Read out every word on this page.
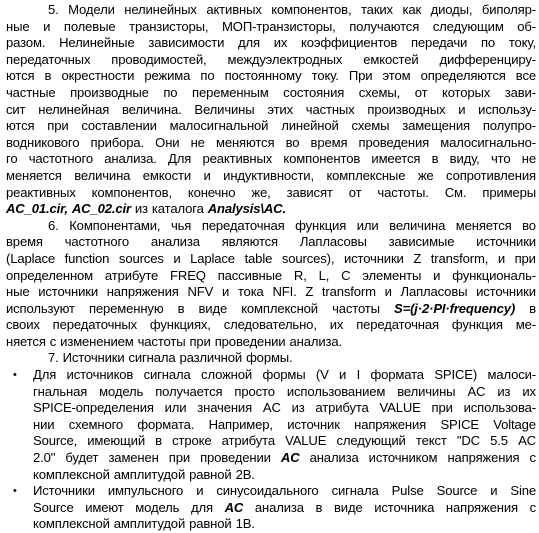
5. Модели нелинейных активных компонентов, таких как диоды, биполяр-
ные и полевые транзисторы, МОП-транзисторы, получаются следующим об-
разом. Нелинейные зависимости для их коэффициентов передачи по току,
передаточных проводимостей, междуэлектродных емкостей дифференциру-
ются в окрестности режима по постоянному току. При этом определяются все
частные производные по переменным состояния схемы, от которых зави-
сит нелинейная величина. Величины этих частных производных и использу-
ются при составлении малосигнальной линейной схемы замещения полупро-
водникового прибора. Они не меняются во время проведения малосигнально-
го частотного анализа. Для реактивных компонентов имеется в виду, что не
меняется величина емкости и индуктивности, комплексные же сопротивления
реактивных компонентов, конечно же, зависят от частоты. См. примеры
AC_01.cir, AC_02.cir из каталога Analysis\AC.
6. Компонентами, чья передаточная функция или величина меняется во
время частотного анализа являются Лапласовы зависимые источники
(Laplace function sources и Laplace table sources), источники Z transform, и при
определенном атрибуте FREQ пассивные R, L, C элементы и функциональ-
ные источники напряжения NFV и тока NFI. Z transform и Лапласовы источники
используют переменную в виде комплексной частоты S=(j·2·PI·frequency) в
своих передаточных функциях, следовательно, их передаточная функция ме-
няется с изменением частоты при проведении анализа.
7. Источники сигнала различной формы.
Для источников сигнала сложной формы (V и I формата SPICE) малоси-
•
гнальная модель получается просто использованием величины AC из их
SPICE-определения или значения AC из атрибута VALUE при использова-
нии схемного формата. Например, источник напряжения SPICE Voltage
Source, имеющий в строке атрибута VALUE следующий текст "DC 5.5 AC
2.0" будет заменен при проведении AC анализа источником напряжения с
комплексной амплитудой равной 2В.
Источники импульсного и синусоидального сигнала Pulse Source и Sine
•
Source имеют модель для AC анализа в виде источника напряжения с
комплексной амплитудой равной 1В.
